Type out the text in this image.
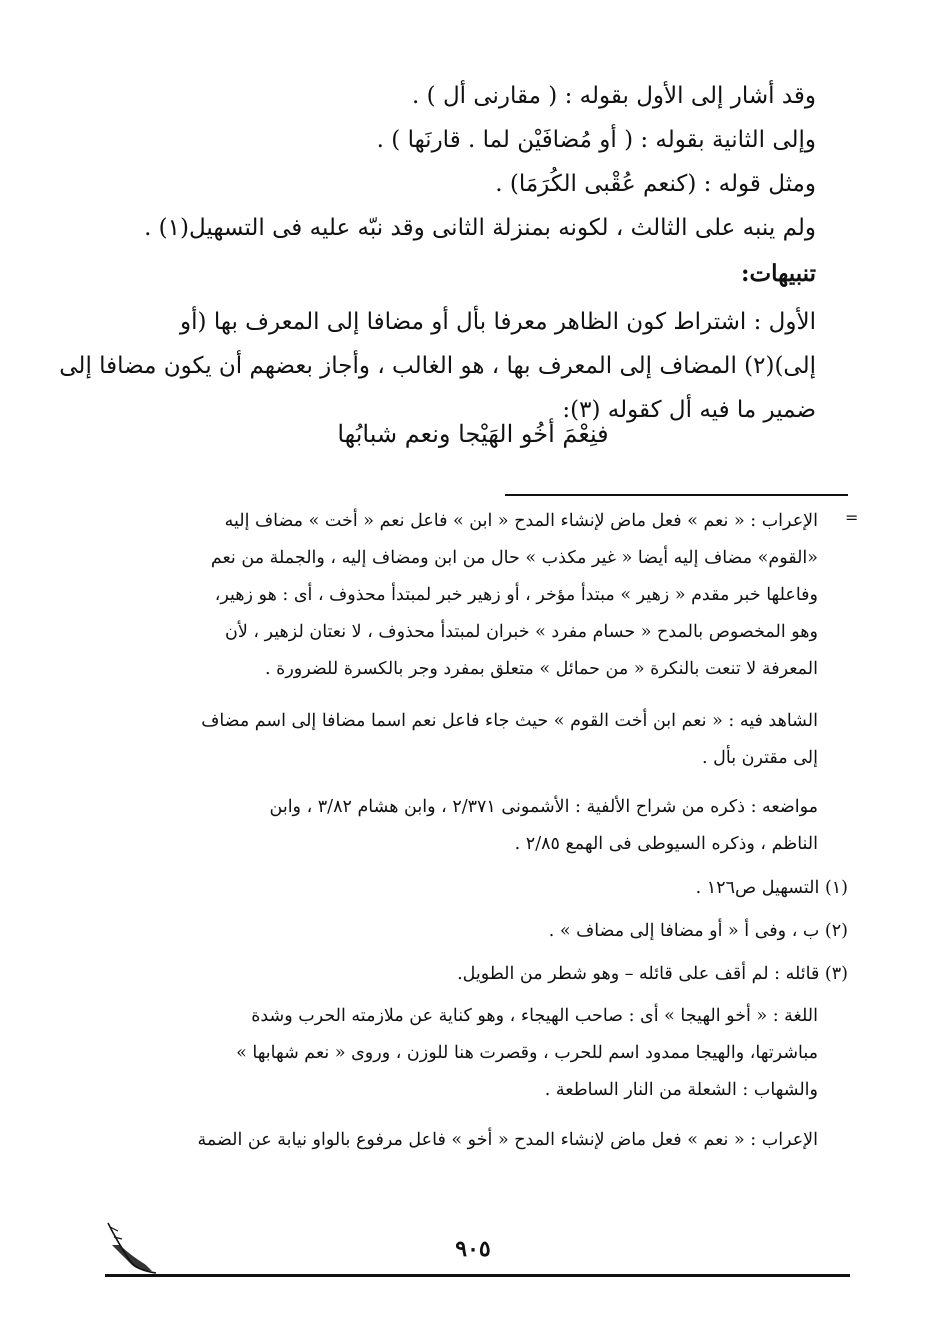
وقد أشار إلى الأول بقوله : ( مقارنى أل ) .
وإلى الثانية بقوله : ( أو مُضافَيْن لما . قارنَها ) .
ومثل قوله : (كنعم عُقْبى الكُرَمَا) .
ولم ينبه على الثالث ، لكونه بمنزلة الثانى وقد نبّه عليه فى التسهيل(١) .
تنبيهات:
الأول : اشتراط كون الظاهر معرفا بأل أو مضافا إلى المعرف بها (أو
إلى)(٢) المضاف إلى المعرف بها ، هو الغالب ، وأجاز بعضهم أن يكون مضافا إلى
ضمير ما فيه أل كقوله (٣):
فنِعْمَ أخُو الهَيْجا ونعم شبابُها
=
الإعراب : « نعم » فعل ماض لإنشاء المدح « ابن » فاعل نعم « أخت » مضاف إليه
«القوم» مضاف إليه أيضا « غير مكذب » حال من ابن ومضاف إليه ، والجملة من نعم
وفاعلها خبر مقدم « زهير » مبتدأ مؤخر ، أو زهير خبر لمبتدأ محذوف ، أى : هو زهير،
وهو المخصوص بالمدح « حسام مفرد » خبران لمبتدأ محذوف ، لا نعتان لزهير ، لأن
المعرفة لا تنعت بالنكرة « من حمائل » متعلق بمفرد وجر بالكسرة للضرورة .
الشاهد فيه : « نعم ابن أخت القوم » حيث جاء فاعل نعم اسما مضافا إلى اسم مضاف
إلى مقترن بأل .
مواضعه : ذكره من شراح الألفية : الأشمونى ٢/٣٧١ ، وابن هشام ٣/٨٢ ، وابن
الناظم ، وذكره السيوطى فى الهمع ٢/٨٥ .
(١) التسهيل ص١٢٦ .
(٢) ب ، وفى أ « أو مضافا إلى مضاف » .
(٣) قائله : لم أقف على قائله – وهو شطر من الطويل.
اللغة : « أخو الهيجا » أى : صاحب الهيجاء ، وهو كناية عن ملازمته الحرب وشدة
مباشرتها، والهيجا ممدود اسم للحرب ، وقصرت هنا للوزن ، وروى « نعم شهابها »
والشهاب : الشعلة من النار الساطعة .
الإعراب : « نعم » فعل ماض لإنشاء المدح « أخو » فاعل مرفوع بالواو نيابة عن الضمة
٩٠٥
